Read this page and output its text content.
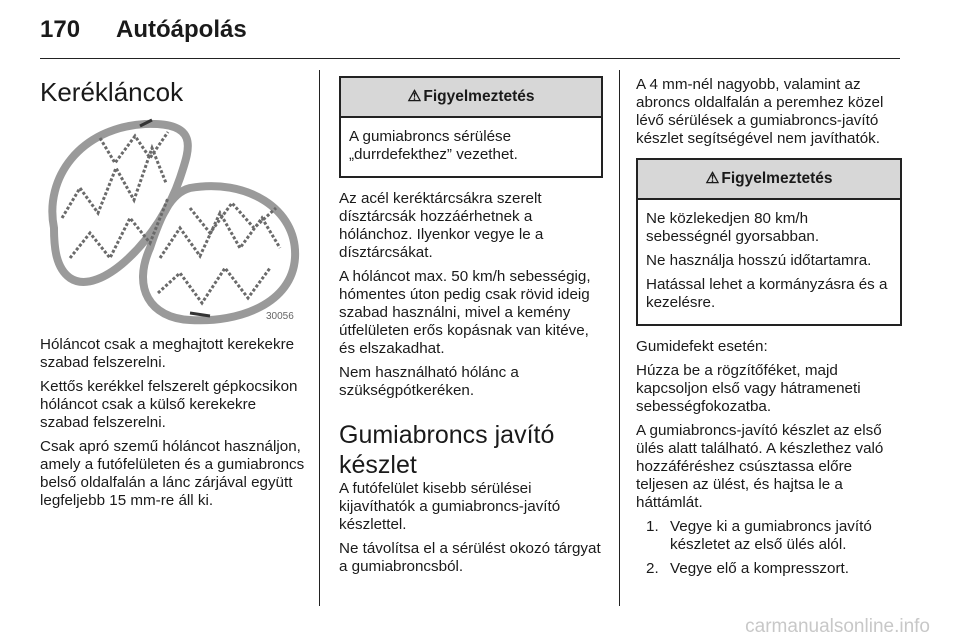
170 Autóápolás
Kerékláncok
30056

Hóláncot csak a meghajtott kerekekre szabad felszerelni.

Kettős kerékkel felszerelt gépkocsikon hóláncot csak a külső kerekekre szabad felszerelni.

Csak apró szemű hóláncot használjon, amely a futófelületen és a gumiabroncs belső oldalfalán a lánc zárjával együtt legfeljebb 15 mm-re áll ki.

⚠ Figyelmeztetés

A gumiabroncs sérülése „durrdefekthez” vezethet.

Az acél keréktárcsákra szerelt dísztárcsák hozzáérhetnek a hólánchoz. Ilyenkor vegye le a dísztárcsákat.

A hóláncot max. 50 km/h sebességig, hómentes úton pedig csak rövid ideig szabad használni, mivel a kemény útfelületen erős kopásnak van kitéve, és elszakadhat.

Nem használható hólánc a szükségpótkeréken.

Gumiabroncs javító készlet

A futófelület kisebb sérülései kijavíthatók a gumiabroncs-javító készlettel.

Ne távolítsa el a sérülést okozó tárgyat a gumiabroncsból.

A 4 mm-nél nagyobb, valamint az abroncs oldalfalán a peremhez közel lévő sérülések a gumiabroncs-javító készlet segítségével nem javíthatók.

⚠ Figyelmeztetés

Ne közlekedjen 80 km/h sebességnél gyorsabban.

Ne használja hosszú időtartamra.

Hatással lehet a kormányzásra és a kezelésre.

Gumidefekt esetén:

Húzza be a rögzítőféket, majd kapcsoljon első vagy hátrameneti sebességfokozatba.

A gumiabroncs-javító készlet az első ülés alatt található. A készlethez való hozzáféréshez csúsztassa előre teljesen az ülést, és hajtsa le a háttámlát.

1. Vegye ki a gumiabroncs javító készletet az első ülés alól.
2. Vegye elő a kompresszort.
carmanualsonline.info
